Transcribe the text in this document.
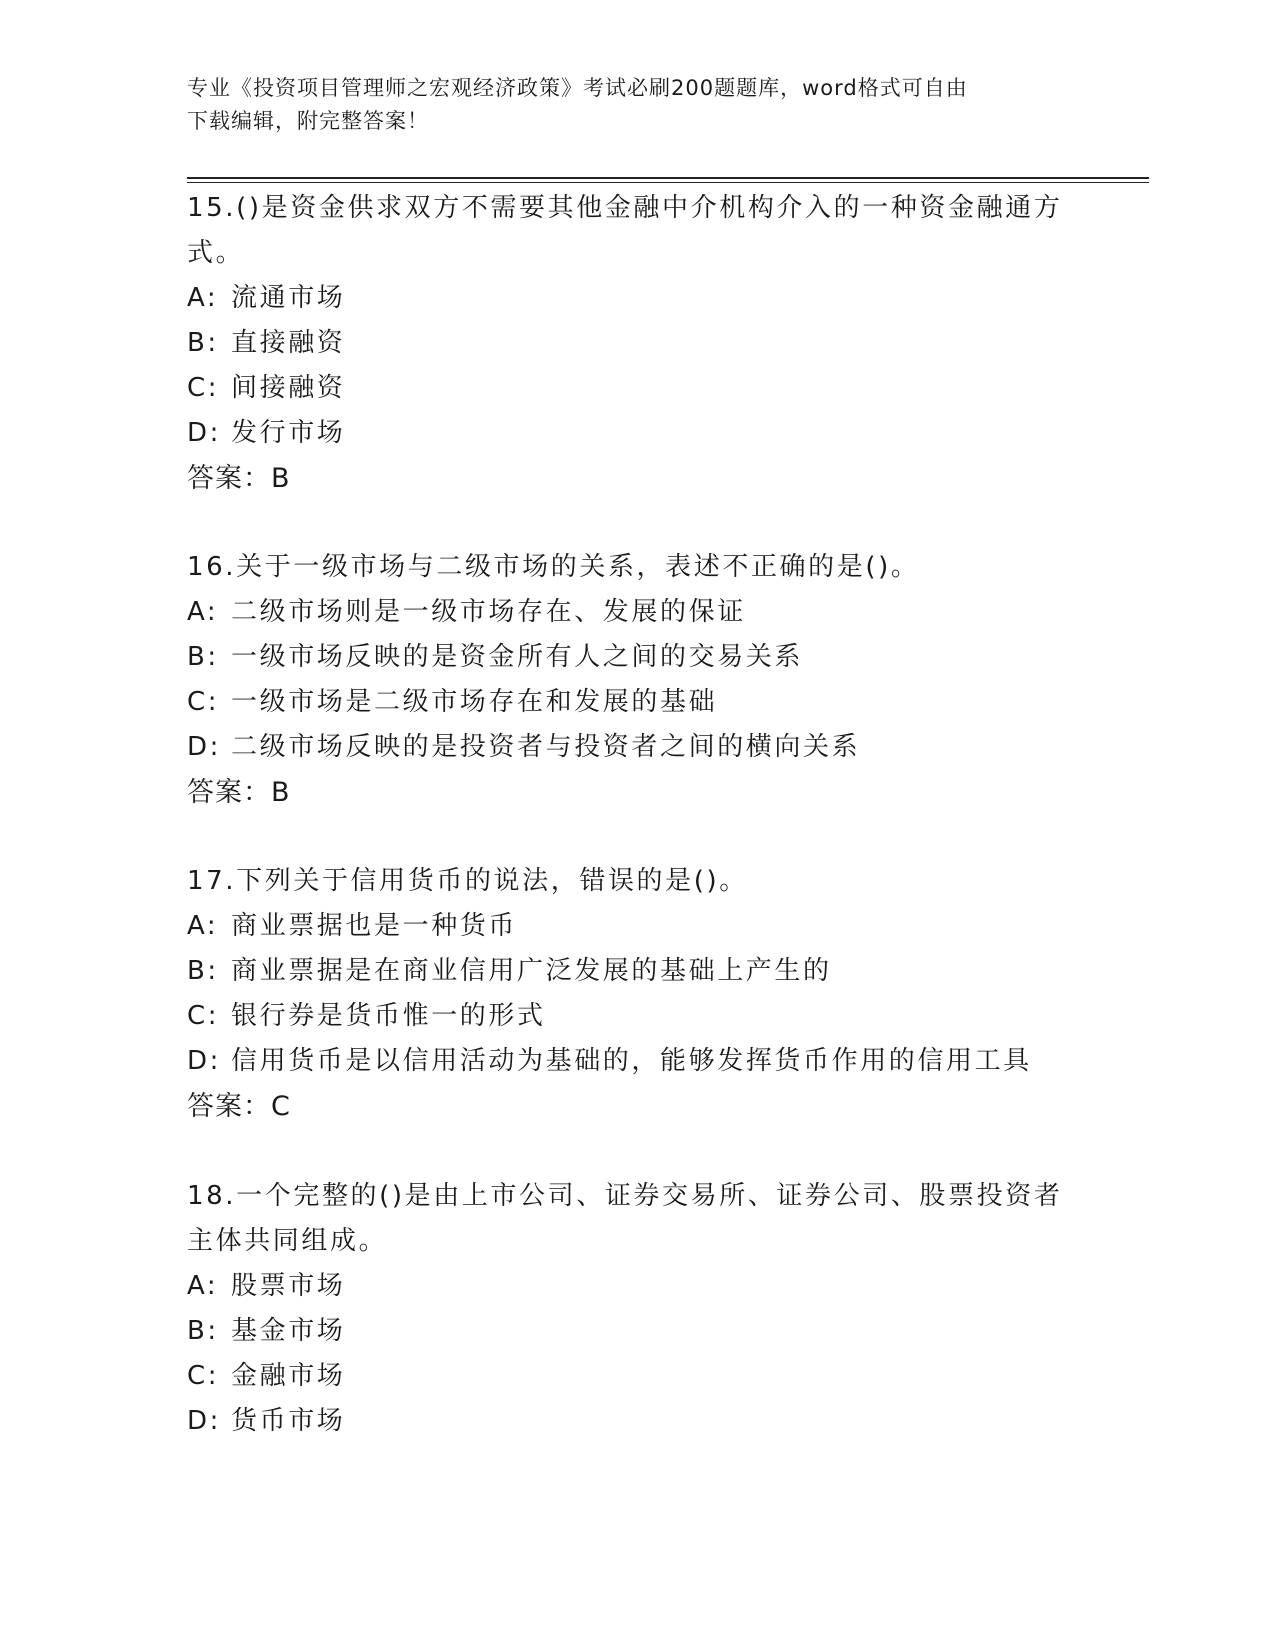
专业《投资项目管理师之宏观经济政策》考试必刷200题题库，word格式可自由
下载编辑，附完整答案！
15.()是资金供求双方不需要其他金融中介机构介入的一种资金融通方
式。
A: 流通市场
B: 直接融资
C: 间接融资
D: 发行市场
答案：B
16.关于一级市场与二级市场的关系，表述不正确的是()。
A: 二级市场则是一级市场存在、发展的保证
B: 一级市场反映的是资金所有人之间的交易关系
C: 一级市场是二级市场存在和发展的基础
D: 二级市场反映的是投资者与投资者之间的横向关系
答案：B
17.下列关于信用货币的说法，错误的是()。
A: 商业票据也是一种货币
B: 商业票据是在商业信用广泛发展的基础上产生的
C: 银行券是货币惟一的形式
D: 信用货币是以信用活动为基础的，能够发挥货币作用的信用工具
答案：C
18.一个完整的()是由上市公司、证券交易所、证券公司、股票投资者
主体共同组成。
A: 股票市场
B: 基金市场
C: 金融市场
D: 货币市场
